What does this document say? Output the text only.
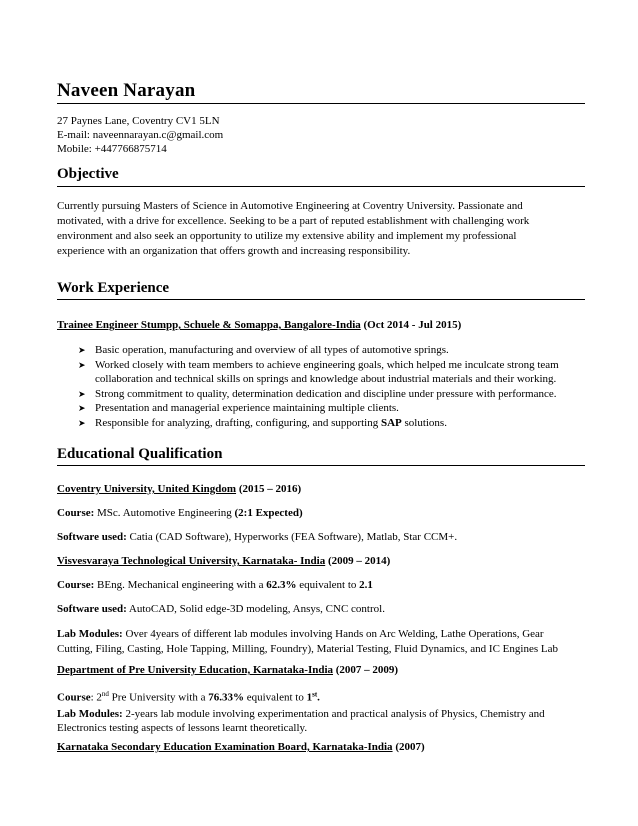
Naveen Narayan
27 Paynes Lane, Coventry CV1 5LN
E-mail: naveennarayan.c@gmail.com
Mobile: +447766875714
Objective
Currently pursuing Masters of Science in Automotive Engineering at Coventry University. Passionate and
motivated, with a drive for excellence. Seeking to be a part of reputed establishment with challenging work
environment and also seek an opportunity to utilize my extensive ability and implement my professional
experience with an organization that offers growth and increasing responsibility.
Work Experience
Trainee Engineer Stumpp, Schuele & Somappa, Bangalore-India (Oct 2014 - Jul 2015)
➤ Basic operation, manufacturing and overview of all types of automotive springs.
➤ Worked closely with team members to achieve engineering goals, which helped me inculcate strong team
collaboration and technical skills on springs and knowledge about industrial materials and their working.
➤ Strong commitment to quality, determination dedication and discipline under pressure with performance.
➤ Presentation and managerial experience maintaining multiple clients.
➤ Responsible for analyzing, drafting, configuring, and supporting SAP solutions.
Educational Qualification
Coventry University, United Kingdom (2015 – 2016)
Course: MSc. Automotive Engineering (2:1 Expected)
Software used: Catia (CAD Software), Hyperworks (FEA Software), Matlab, Star CCM+.
Visvesvaraya Technological University, Karnataka- India (2009 – 2014)
Course: BEng. Mechanical engineering with a 62.3% equivalent to 2.1
Software used: AutoCAD, Solid edge-3D modeling, Ansys, CNC control.
Lab Modules: Over 4years of different lab modules involving Hands on Arc Welding, Lathe Operations, Gear
Cutting, Filing, Casting, Hole Tapping, Milling, Foundry), Material Testing, Fluid Dynamics, and IC Engines Lab
Department of Pre University Education, Karnataka-India (2007 – 2009)
Course: 2nd Pre University with a 76.33% equivalent to 1st.
Lab Modules: 2-years lab module involving experimentation and practical analysis of Physics, Chemistry and
Electronics testing aspects of lessons learnt theoretically.
Karnataka Secondary Education Examination Board, Karnataka-India (2007)
